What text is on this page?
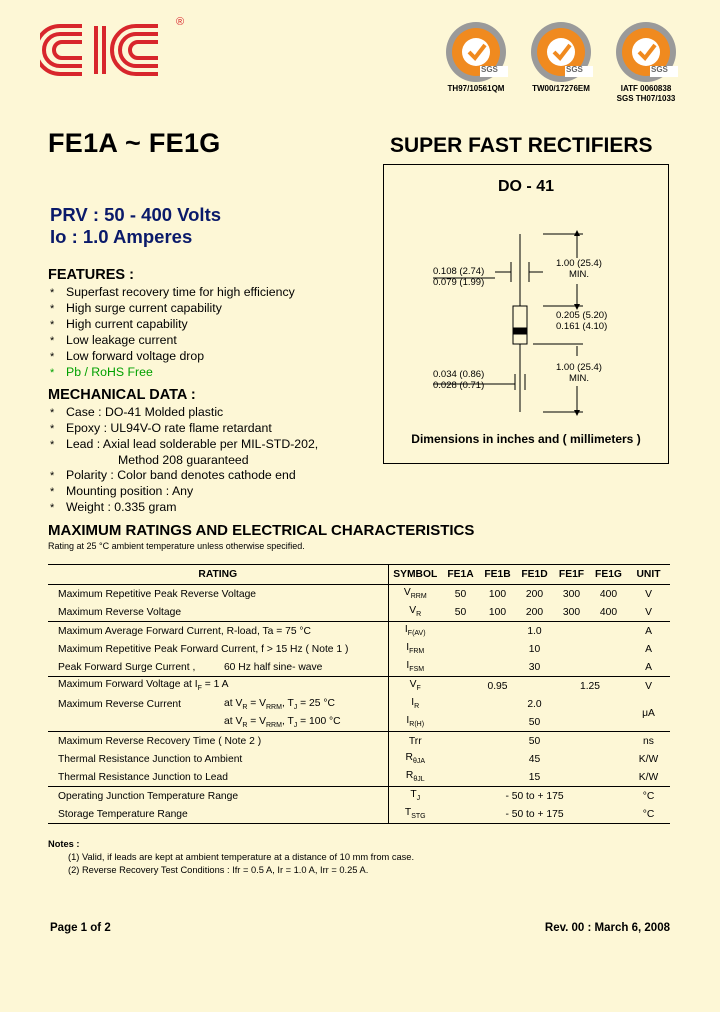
®
SGS
TH97/10561QM
SGS
TW00/17276EM
SGS
IATF 0060838
SGS TH07/1033
FE1A ~ FE1G	SUPER FAST RECTIFIERS
PRV : 50 - 400 Volts
Io : 1.0 Amperes
FEATURES :
* Superfast recovery time for high efficiency
* High surge current capability
* High current capability
* Low leakage current
* Low forward voltage drop
* Pb / RoHS Free
MECHANICAL DATA :
* Case : DO-41 Molded plastic
* Epoxy : UL94V-O rate flame retardant
* Lead : Axial lead solderable per MIL-STD-202,
Method 208 guaranteed
* Polarity : Color band denotes cathode end
* Mounting position : Any
* Weight : 0.335 gram
DO - 41
0.108 (2.74)
0.079 (1.99)
1.00 (25.4)
MIN.
0.205 (5.20)
0.161 (4.10)
0.034 (0.86)
0.028 (0.71)
1.00 (25.4)
MIN.
Dimensions in inches and ( millimeters )
MAXIMUM RATINGS AND ELECTRICAL CHARACTERISTICS
Rating at 25 °C ambient temperature unless otherwise specified.
RATING	SYMBOL	FE1A	FE1B	FE1D	FE1F	FE1G	UNIT
Maximum Repetitive Peak Reverse Voltage	$V_{RRM}$	50	100	200	300	400	V
Maximum Reverse Voltage	$V_R$	50	100	200	300	400	V
Maximum Average Forward Current, R-load, Ta = 75 °C	$I_{F(AV)}$	1.0					A
Maximum Repetitive Peak Forward Current, f > 15 Hz ( Note 1 )	$I_{FRM}$	10					A
Peak Forward Surge Current ,          60 Hz half sine- wave	$I_{FSM}$	30					A
Maximum Forward Voltage at $I_F = 1$ A	$V_F$	0.95			1.25		V
Maximum Reverse Current at $V_R = V_{RRM}$, $T_J = 25$ °C	$I_R$	2.0					μA

at $V_R = V_{RRM}$, $T_J = 100$ °C	$I_{R(H)}$	50					
Maximum Reverse Recovery Time ( Note 2 )	Trr	50					ns
Thermal Resistance Junction to Ambient	$R_{\theta JA}$	45					K/W
Thermal Resistance Junction to Lead	$R_{\theta JL}$	15					K/W
Operating Junction Temperature Range	$T_J$	- 50 to + 175					°C
Storage Temperature Range	$T_{STG}$	- 50 to + 175					°C
Notes :
(1) Valid, if leads are kept at ambient temperature at a distance of 10 mm from case.
(2) Reverse Recovery Test Conditions : Ifr = 0.5 A, Ir = 1.0 A, Irr = 0.25 A.
Page 1 of 2	Rev. 00 : March 6, 2008
